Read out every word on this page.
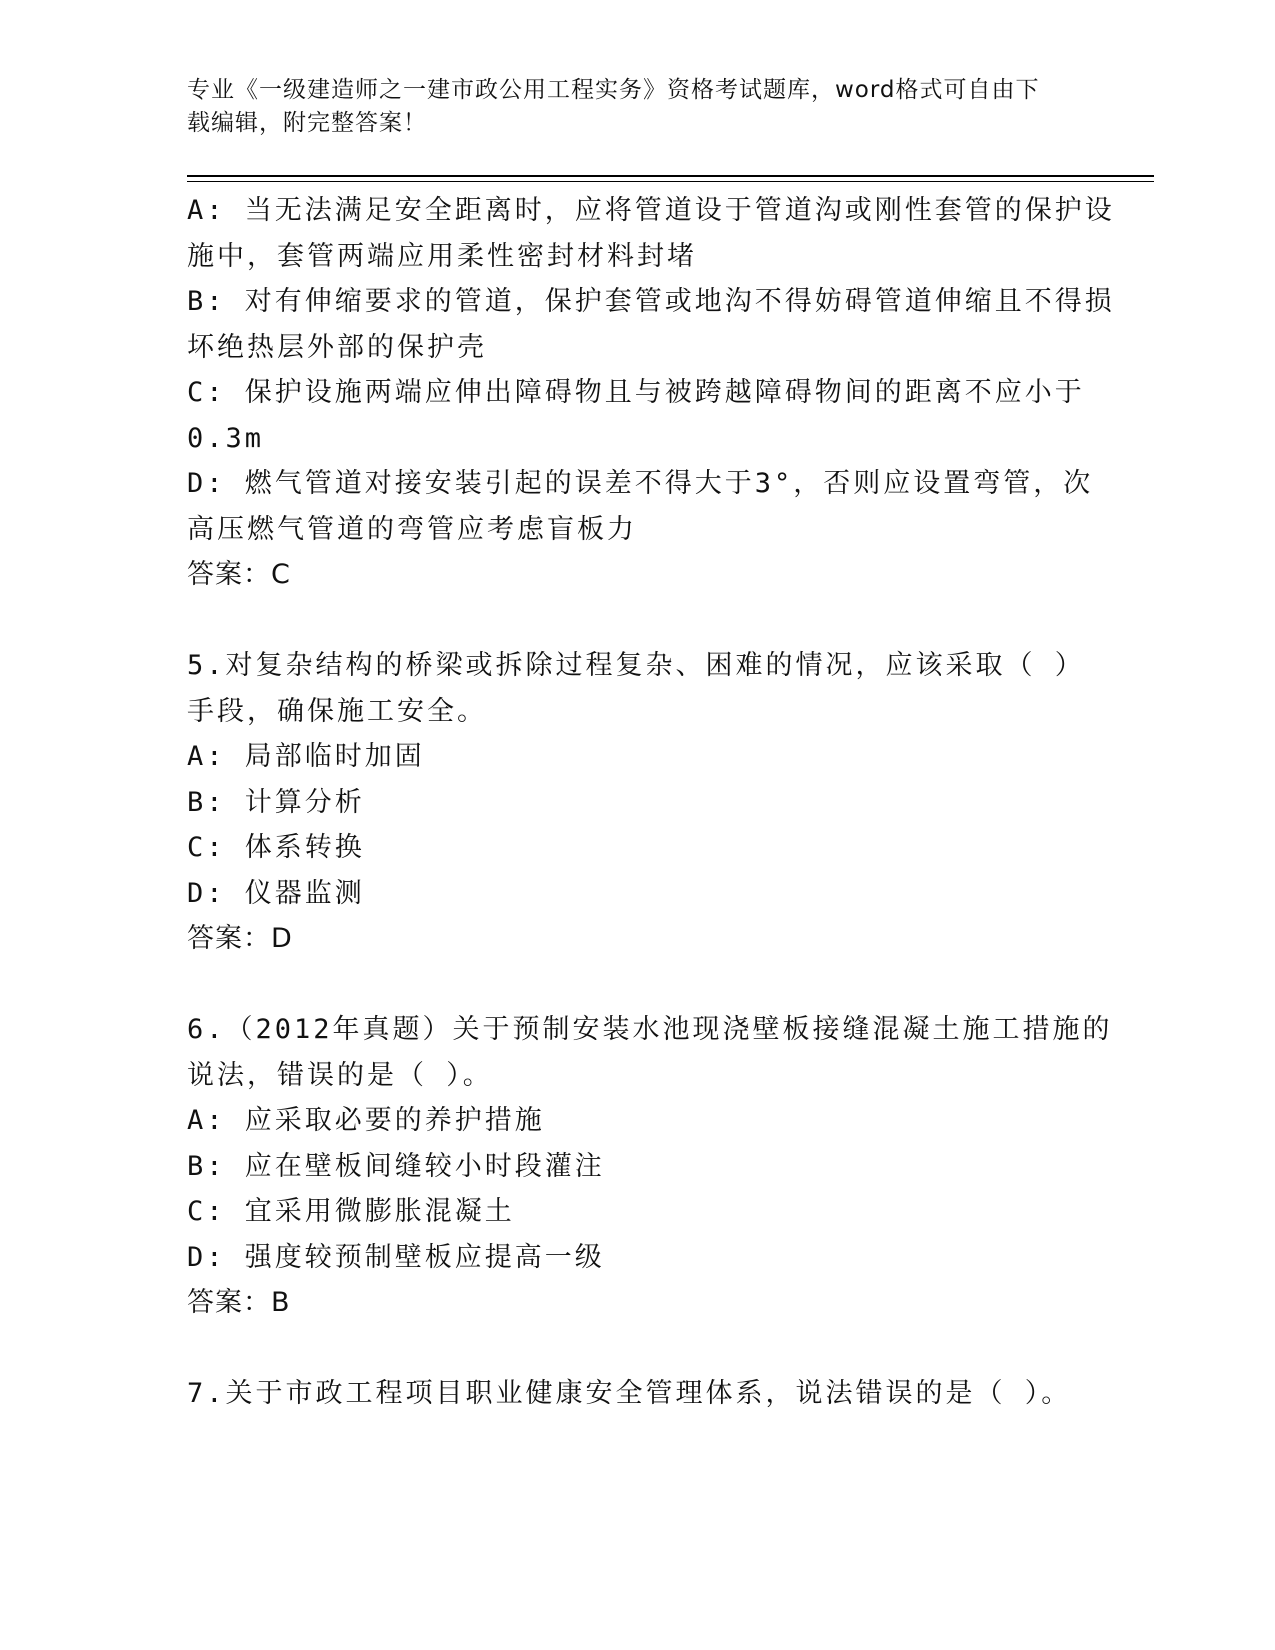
专业《一级建造师之一建市政公用工程实务》资格考试题库，word格式可自由下
载编辑，附完整答案！
A: 当无法满足安全距离时，应将管道设于管道沟或刚性套管的保护设
施中，套管两端应用柔性密封材料封堵
B: 对有伸缩要求的管道，保护套管或地沟不得妨碍管道伸缩且不得损
坏绝热层外部的保护壳
C: 保护设施两端应伸出障碍物且与被跨越障碍物间的距离不应小于
0.3m
D: 燃气管道对接安装引起的误差不得大于3°，否则应设置弯管，次
高压燃气管道的弯管应考虑盲板力
答案：C
5.对复杂结构的桥梁或拆除过程复杂、困难的情况，应该采取（ ）
手段，确保施工安全。
A: 局部临时加固
B: 计算分析
C: 体系转换
D: 仪器监测
答案：D
6.（2012年真题）关于预制安装水池现浇壁板接缝混凝土施工措施的
说法，错误的是（ ）。
A: 应采取必要的养护措施
B: 应在壁板间缝较小时段灌注
C: 宜采用微膨胀混凝土
D: 强度较预制壁板应提高一级
答案：B
7.关于市政工程项目职业健康安全管理体系，说法错误的是（ ）。
